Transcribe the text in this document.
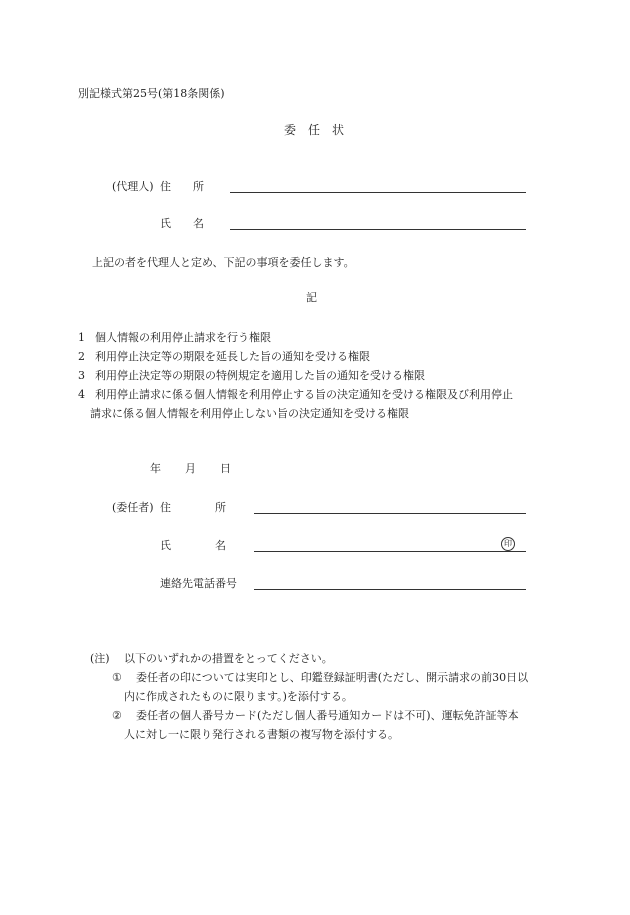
別記様式第25号(第18条関係)
委　任　状
(代理人) 住　　所
氏　　名
上記の者を代理人と定め、下記の事項を委任します。
記
1 個人情報の利用停止請求を行う権限
2 利用停止決定等の期限を延長した旨の通知を受ける権限
3 利用停止決定等の期限の特例規定を適用した旨の通知を受ける権限
4 利用停止請求に係る個人情報を利用停止する旨の決定通知を受ける権限及び利用停止
請求に係る個人情報を利用停止しない旨の決定通知を受ける権限
年 月 日
(委任者) 住　　　　所
氏　　　　名	印
連絡先電話番号
(注) 以下のいずれかの措置をとってください。
① 委任者の印については実印とし、印鑑登録証明書(ただし、開示請求の前30日以
内に作成されたものに限ります。)を添付する。
② 委任者の個人番号カード(ただし個人番号通知カードは不可)、運転免許証等本
人に対し一に限り発行される書類の複写物を添付する。
